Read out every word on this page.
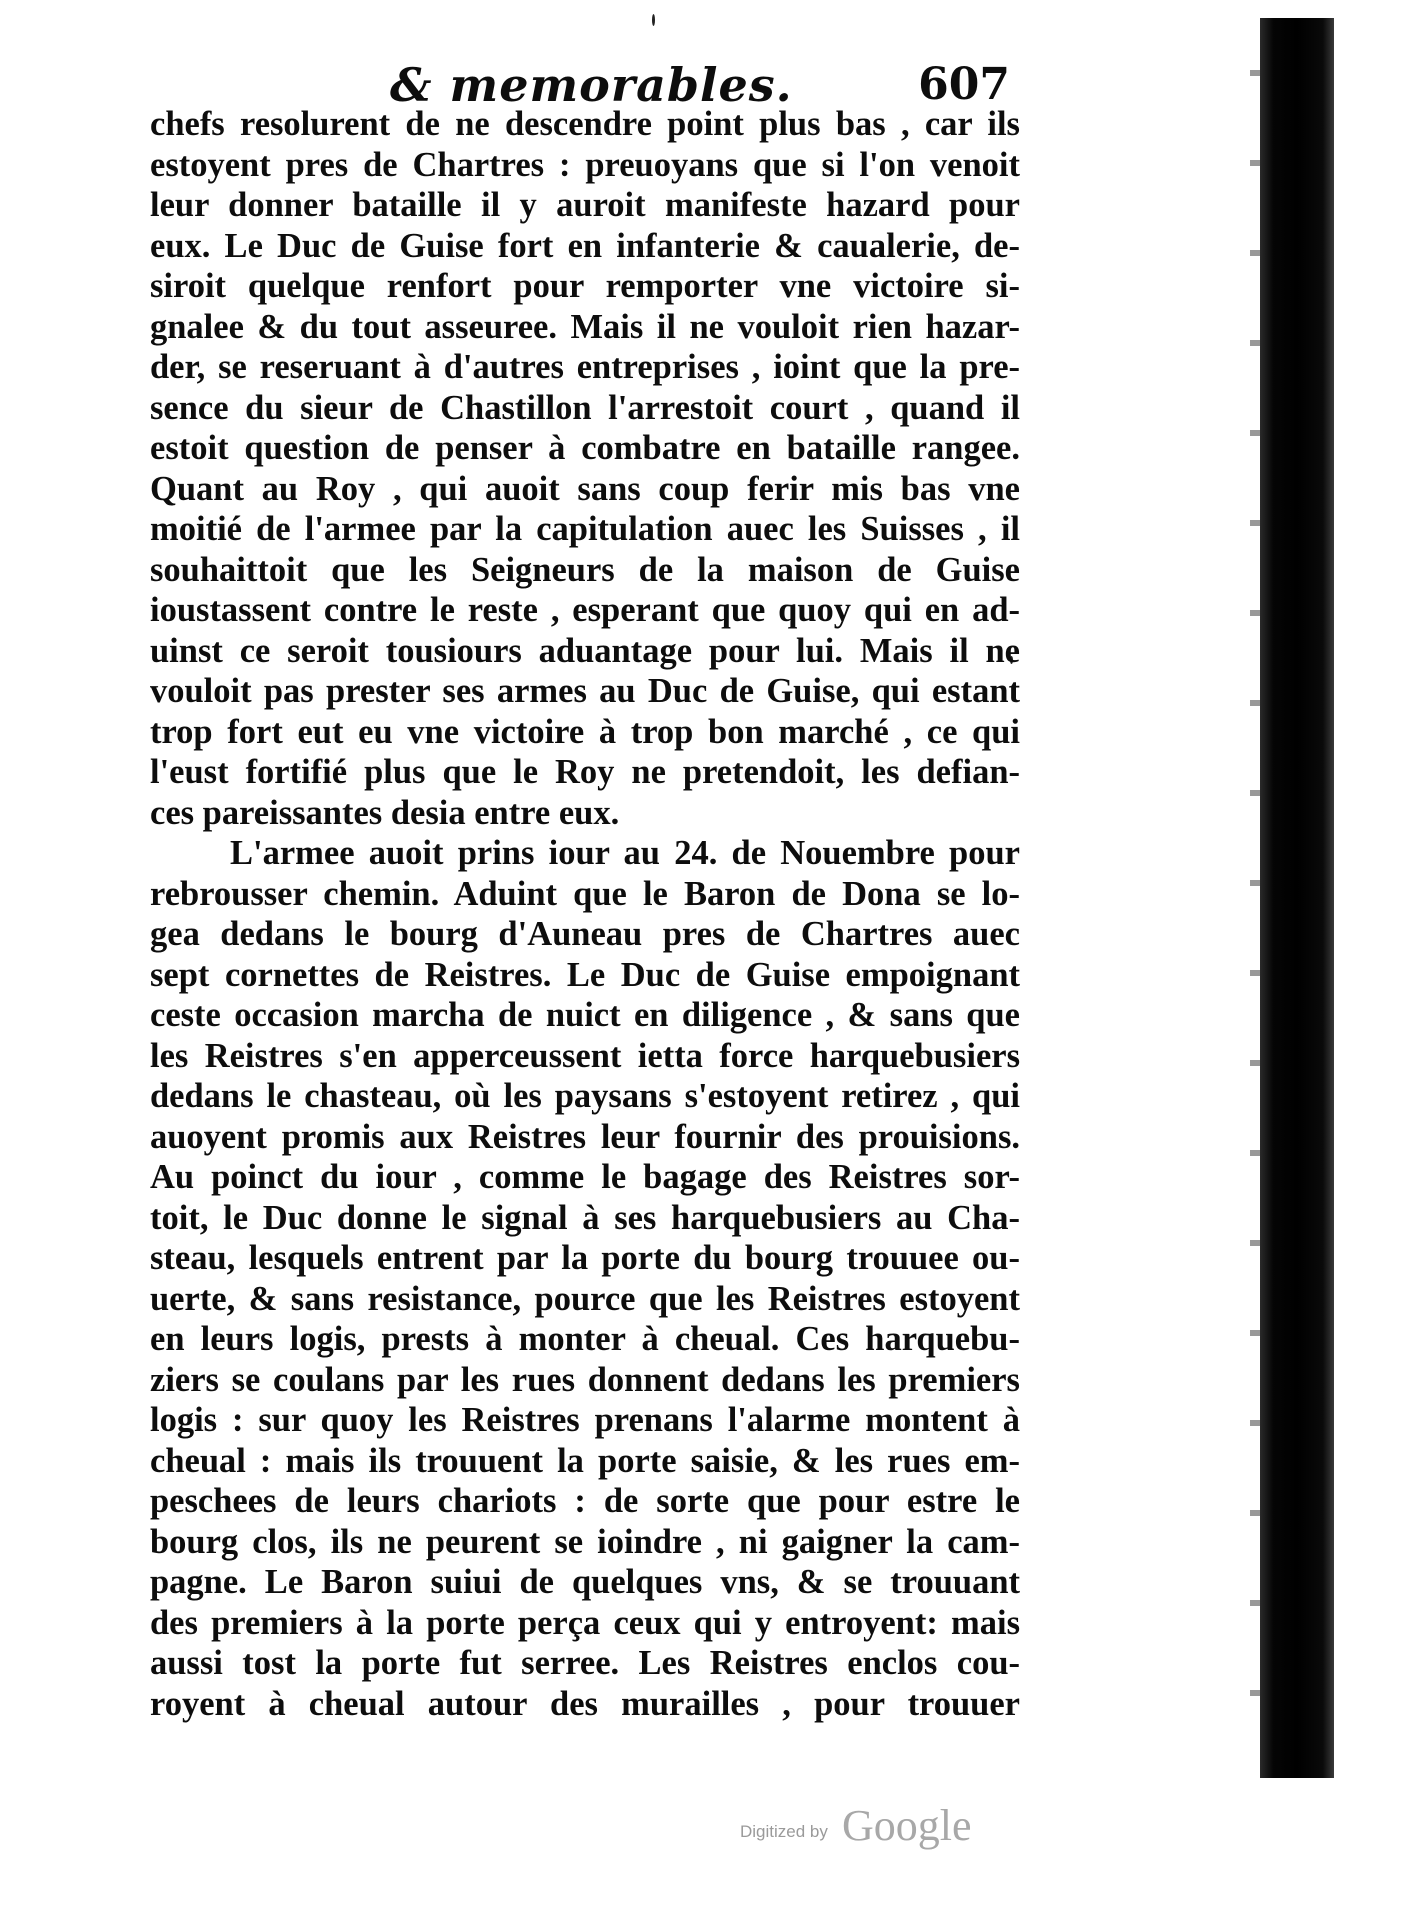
& memorables.	607
chefs resolurent de ne descendre point plus bas , car ils
estoyent pres de Chartres : preuoyans que si l'on venoit
leur donner bataille il y auroit manifeste hazard pour
eux. Le Duc de Guise fort en infanterie & caualerie, de-
siroit quelque renfort pour remporter vne victoire si-
gnalee & du tout asseuree. Mais il ne vouloit rien hazar-
der, se reseruant à d'autres entreprises , ioint que la pre-
sence du sieur de Chastillon l'arrestoit court , quand il
estoit question de penser à combatre en bataille rangee.
Quant au Roy , qui auoit sans coup ferir mis bas vne
moitié de l'armee par la capitulation auec les Suisses , il
souhaittoit que les Seigneurs de la maison de Guise
ioustassent contre le reste , esperant que quoy qui en ad-
uinst ce seroit tousiours aduantage pour lui. Mais il ne
vouloit pas prester ses armes au Duc de Guise, qui estant
trop fort eut eu vne victoire à trop bon marché , ce qui
l'eust fortifié plus que le Roy ne pretendoit, les defian-
ces pareissantes desia entre eux.
L'armee auoit prins iour au 24. de Nouembre pour
rebrousser chemin. Aduint que le Baron de Dona se lo-
gea dedans le bourg d'Auneau pres de Chartres auec
sept cornettes de Reistres. Le Duc de Guise empoignant
ceste occasion marcha de nuict en diligence , & sans que
les Reistres s'en apperceussent ietta force harquebusiers
dedans le chasteau, où les paysans s'estoyent retirez , qui
auoyent promis aux Reistres leur fournir des prouisions.
Au poinct du iour , comme le bagage des Reistres sor-
toit, le Duc donne le signal à ses harquebusiers au Cha-
steau, lesquels entrent par la porte du bourg trouuee ou-
uerte, & sans resistance, pource que les Reistres estoyent
en leurs logis, prests à monter à cheual. Ces harquebu-
ziers se coulans par les rues donnent dedans les premiers
logis : sur quoy les Reistres prenans l'alarme montent à
cheual : mais ils trouuent la porte saisie, & les rues em-
peschees de leurs chariots : de sorte que pour estre le
bourg clos, ils ne peurent se ioindre , ni gaigner la cam-
pagne. Le Baron suiui de quelques vns, & se trouuant
des premiers à la porte perça ceux qui y entroyent: mais
aussi tost la porte fut serree. Les Reistres enclos cou-
royent à cheual autour des murailles , pour trouuer
Digitized by Google
